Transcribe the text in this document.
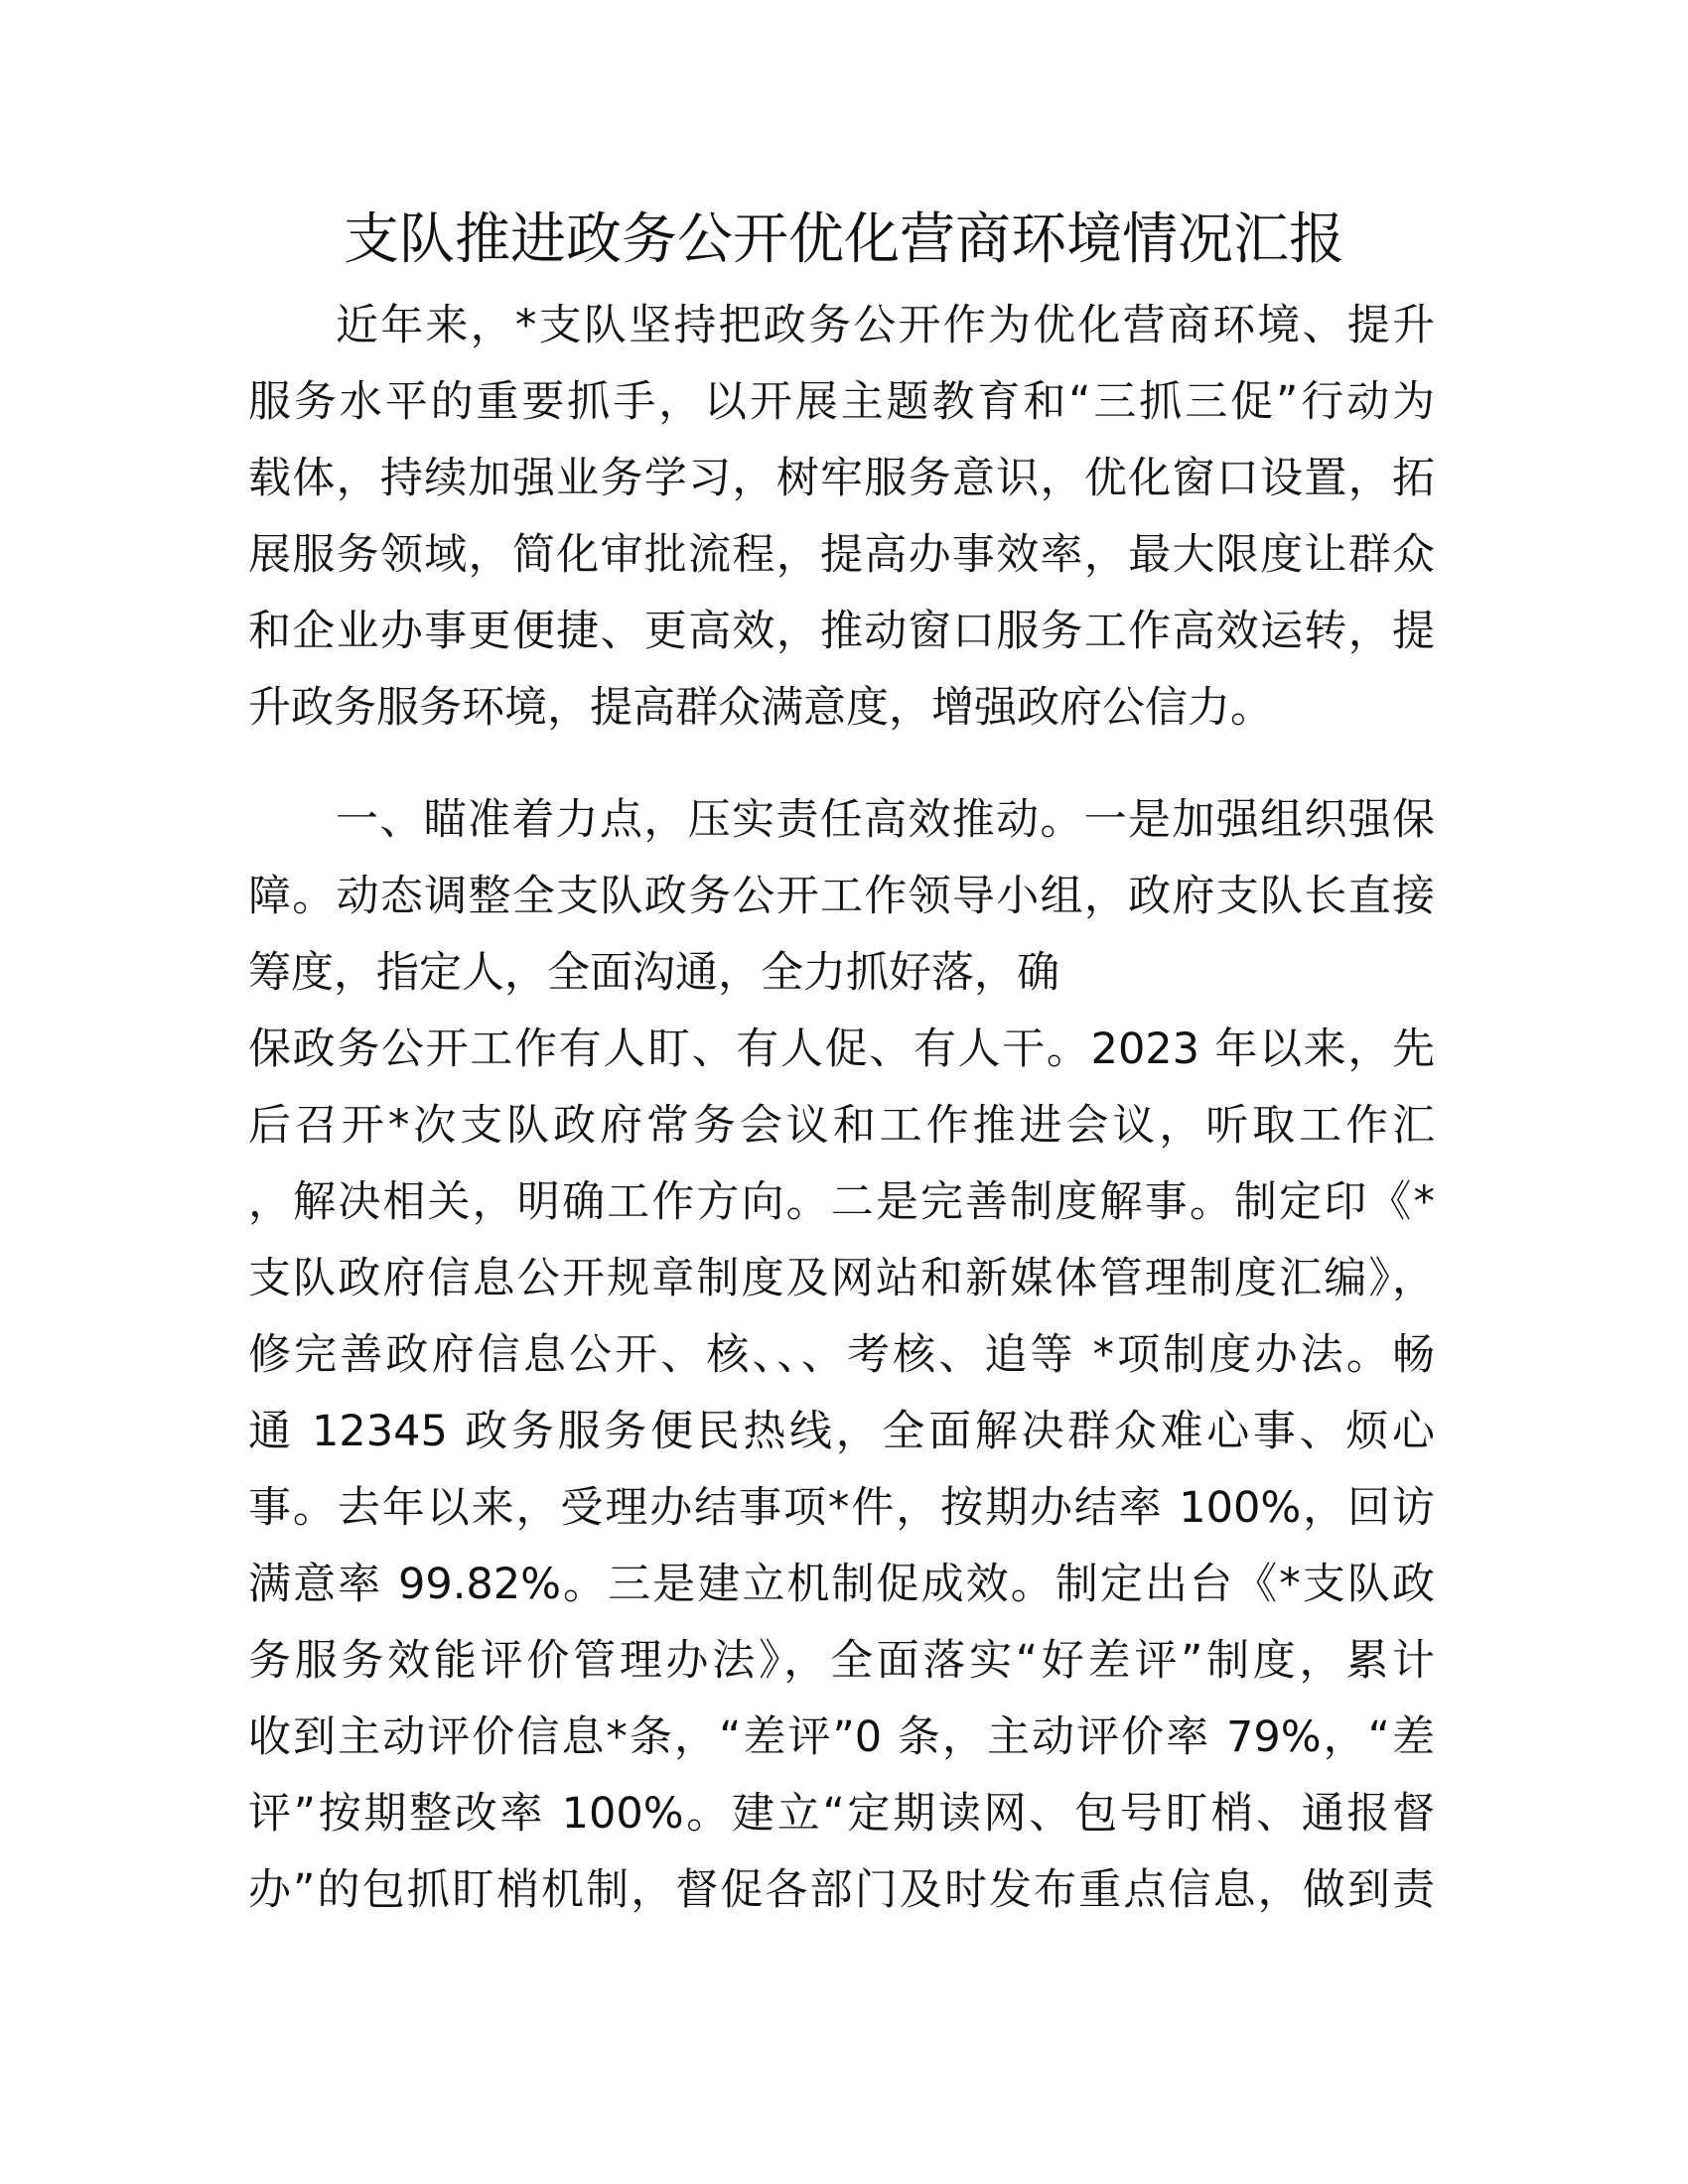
支队推进政务公开优化营商环境情况汇报
近年来，*支队坚持把政务公开作为优化营商环境、提升
服务水平的重要抓手，以开展主题教育和“三抓三促”行动为
载体，持续加强业务学习，树牢服务意识，优化窗口设置，拓
展服务领域，简化审批流程，提高办事效率，最大限度让群众
和企业办事更便捷、更高效，推动窗口服务工作高效运转，提
升政务服务环境，提高群众满意度，增强政府公信力。
一、瞄准着力点，压实责任高效推动。一是加强组织强保
障。动态调整全支队政务公开工作领导小组，政府支队长直接
筹度，指定人，全面沟通，全力抓好落，确
保政务公开工作有人盯、有人促、有人干。2023 年以来，先
后召开*次支队政府常务会议和工作推进会议，听取工作汇
，解决相关，明确工作方向。二是完善制度解事。制定印《*
支队政府信息公开规章制度及网站和新媒体管理制度汇编》，
修完善政府信息公开、核、、、考核、追等 *项制度办法。畅
通 12345 政务服务便民热线，全面解决群众难心事、烦心
事。去年以来，受理办结事项*件，按期办结率 100%，回访
满意率 99.82%。三是建立机制促成效。制定出台《*支队政
务服务效能评价管理办法》，全面落实“好差评”制度，累计
收到主动评价信息*条，“差评”0 条，主动评价率 79%，“差
评”按期整改率 100%。建立“定期读网、包号盯梢、通报督
办”的包抓盯梢机制，督促各部门及时发布重点信息，做到责
